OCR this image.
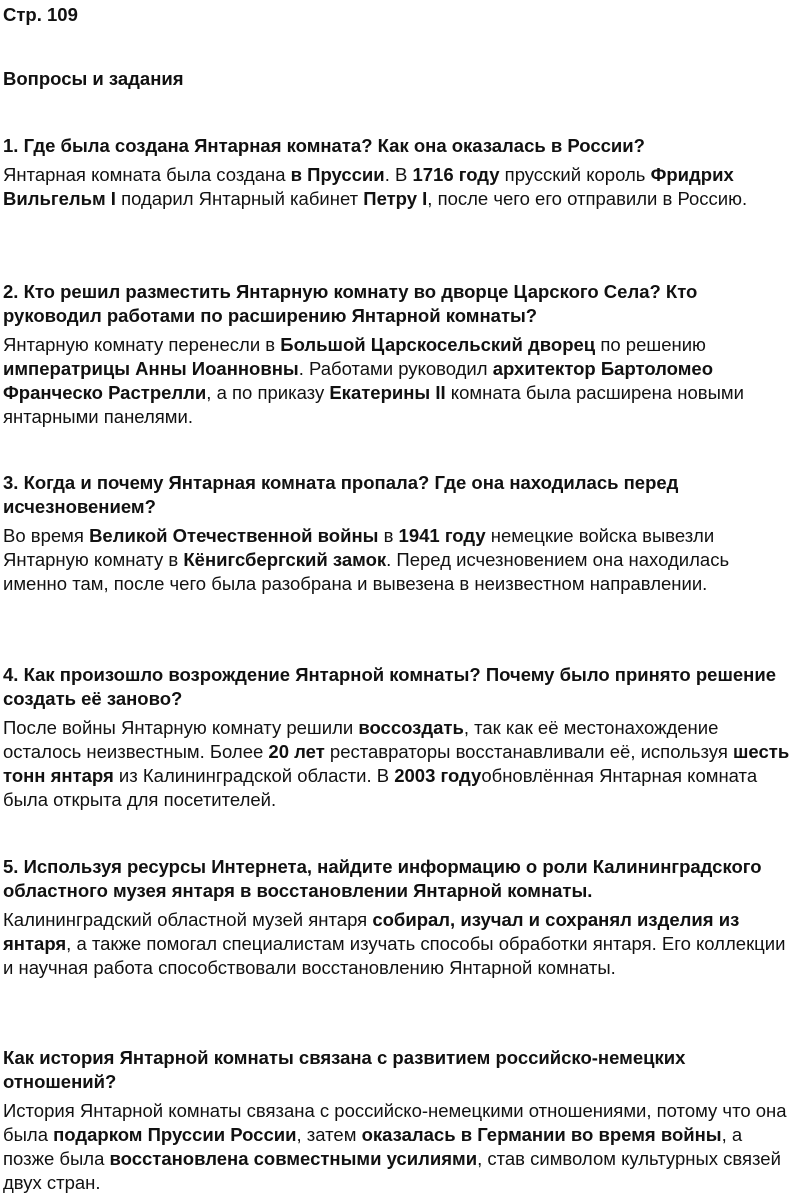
Стр. 109

Вопросы и задания

1. Где была создана Янтарная комната? Как она оказалась в России?

Янтарная комната была создана в Пруссии. В 1716 году прусский король Фридрих Вильгельм I подарил Янтарный кабинет Петру I, после чего его отправили в Россию.

2. Кто решил разместить Янтарную комнату во дворце Царского Села? Кто руководил работами по расширению Янтарной комнаты?

Янтарную комнату перенесли в Большой Царскосельский дворец по решению императрицы Анны Иоанновны. Работами руководил архитектор Бартоломео Франческо Растрелли, а по приказу Екатерины II комната была расширена новыми янтарными панелями.

3. Когда и почему Янтарная комната пропала? Где она находилась перед исчезновением?

Во время Великой Отечественной войны в 1941 году немецкие войска вывезли Янтарную комнату в Кёнигсбергский замок. Перед исчезновением она находилась именно там, после чего была разобрана и вывезена в неизвестном направлении.

4. Как произошло возрождение Янтарной комнаты? Почему было принято решение создать её заново?

После войны Янтарную комнату решили воссоздать, так как её местонахождение осталось неизвестным. Более 20 лет реставраторы восстанавливали её, используя шесть тонн янтаря из Калининградской области. В 2003 годуобновлённая Янтарная комната была открыта для посетителей.

5. Используя ресурсы Интернета, найдите информацию о роли Калининградского областного музея янтаря в восстановлении Янтарной комнаты.

Калининградский областной музей янтаря собирал, изучал и сохранял изделия из янтаря, а также помогал специалистам изучать способы обработки янтаря. Его коллекции и научная работа способствовали восстановлению Янтарной комнаты.

Как история Янтарной комнаты связана с развитием российско-немецких отношений?

История Янтарной комнаты связана с российско-немецкими отношениями, потому что она была подарком Пруссии России, затем оказалась в Германии во время войны, а позже была восстановлена совместными усилиями, став символом культурных связей двух стран.
